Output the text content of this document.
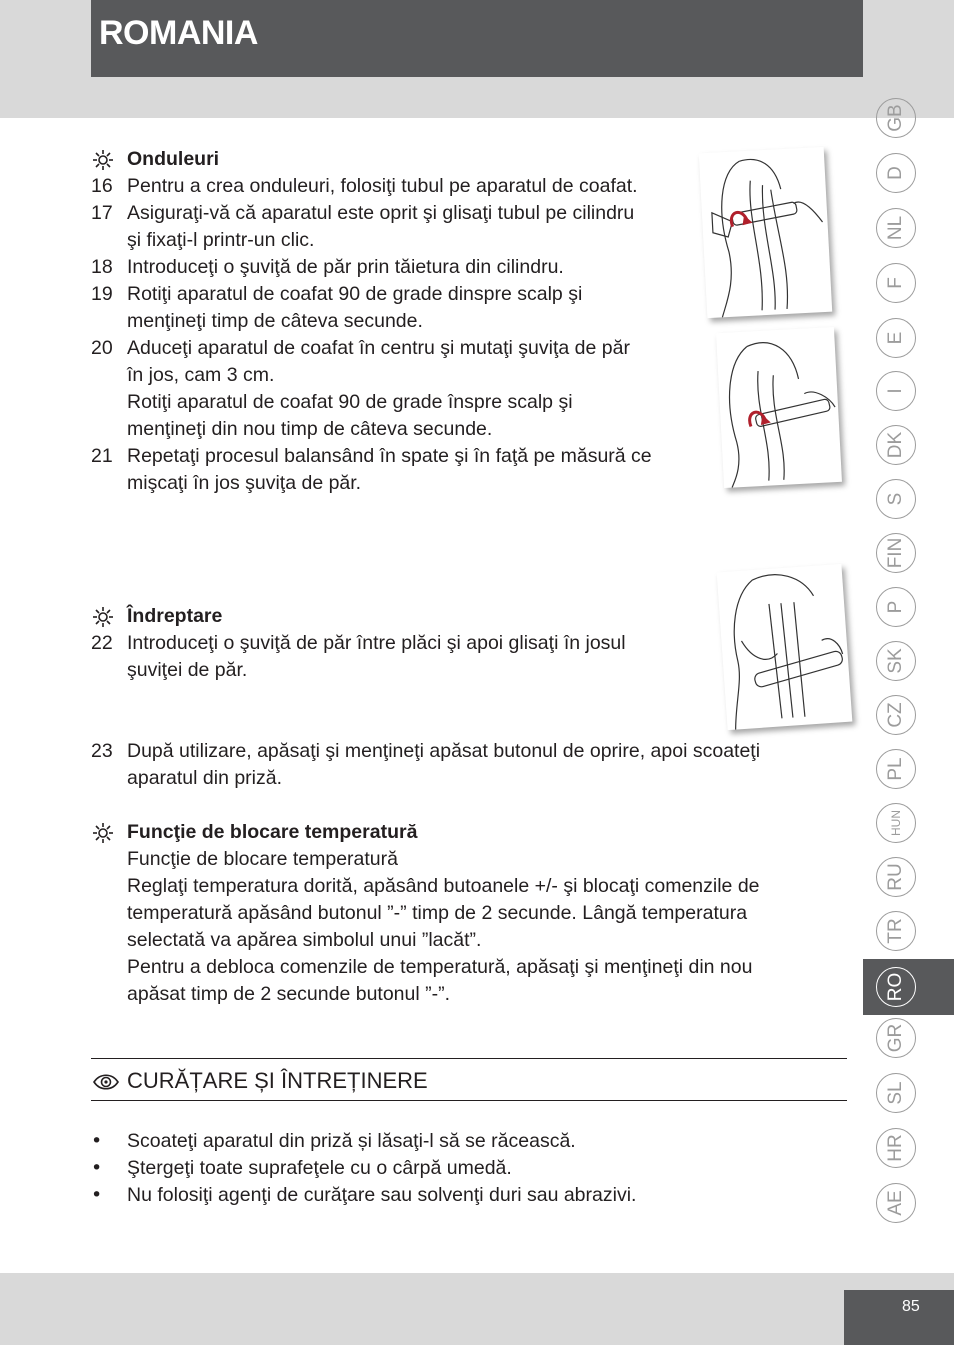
ROMANIA
GB
D
NL
F
E
I
DK
S
FIN
P
SK
CZ
PL
HUN
RU
TR
GR
SL
HR
AE
RO
85
Onduleuri
16 Pentru a crea onduleuri, folosiţi tubul pe aparatul de coafat.
17 Asiguraţi-vă că aparatul este oprit şi glisaţi tubul pe cilindru
şi fixaţi-l printr-un clic.
18 Introduceţi o şuviţă de păr prin tăietura din cilindru.
19 Rotiţi aparatul de coafat 90 de grade dinspre scalp şi
menţineţi timp de câteva secunde.
20 Aduceţi aparatul de coafat în centru şi mutaţi şuviţa de păr
în jos, cam 3 cm.
Rotiţi aparatul de coafat 90 de grade înspre scalp şi
menţineţi din nou timp de câteva secunde.
21 Repetaţi procesul balansând în spate şi în faţă pe măsură ce
mişcaţi în jos şuviţa de păr.
Îndreptare
22 Introduceţi o şuviţă de păr între plăci şi apoi glisaţi în josul
şuviţei de păr.
23 După utilizare, apăsaţi şi menţineţi apăsat butonul de oprire, apoi scoateţi
aparatul din priză.
Funcţie de blocare temperatură
Funcţie de blocare temperatură
Reglaţi temperatura dorită, apăsând butoanele +/- şi blocaţi comenzile de
temperatură apăsând butonul ”-” timp de 2 secunde. Lângă temperatura
selectată va apărea simbolul unui ”lacăt”.
Pentru a debloca comenzile de temperatură, apăsaţi şi menţineţi din nou
apăsat timp de 2 secunde butonul ”-”.
CURĂȚARE ȘI ÎNTREȚINERE
• Scoateţi aparatul din priză și lăsaţi-l să se răcească.
• Ştergeţi toate suprafeţele cu o cârpă umedă.
• Nu folosiţi agenţi de curăţare sau solvenţi duri sau abrazivi.
